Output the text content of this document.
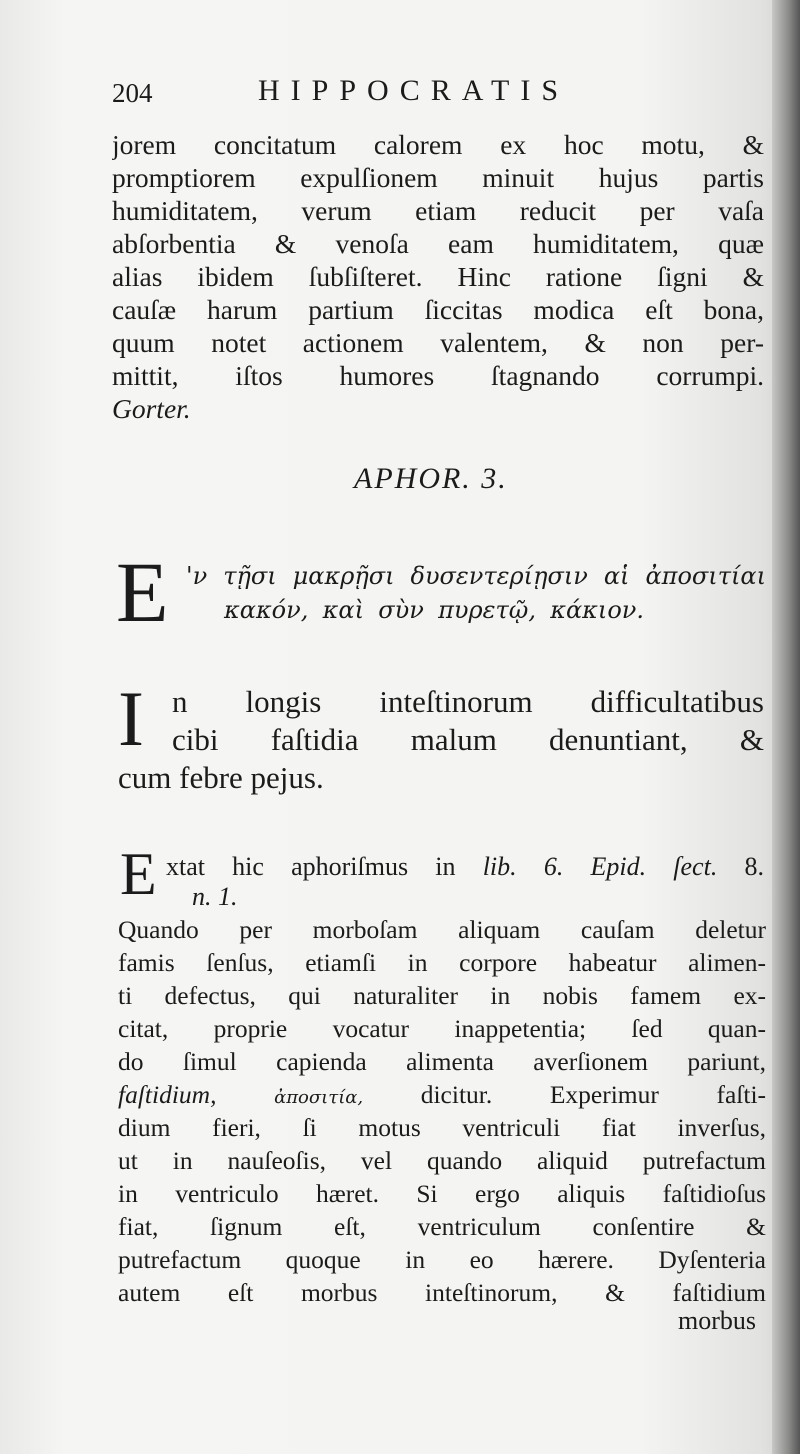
204	HIPPOCRATIS
jorem concitatum calorem ex hoc motu, &
promptiorem expulſionem minuit hujus partis
humiditatem, verum etiam reducit per vaſa
abſorbentia & venoſa eam humiditatem, quæ
alias ibidem ſubſiſteret. Hinc ratione ſigni &
cauſæ harum partium ſiccitas modica eſt bona,
quum notet actionem valentem, & non per-
mittit, iſtos humores ſtagnando corrumpi.
Gorter.
APHOR. 3.
E 'ν τῇσι μακρῇσι δυσεντερίῃσιν αἱ ἀποσιτίαι
κακόν, καὶ σὺν πυρετῷ, κάκιον.
I n longis inteſtinorum difficultatibus
cibi faſtidia malum denuntiant, &
cum febre pejus.
E xtat hic aphoriſmus in lib. 6. Epid. ſect. 8.
n. 1.
Quando per morboſam aliquam cauſam deletur
famis ſenſus, etiamſi in corpore habeatur alimen-
ti defectus, qui naturaliter in nobis famem ex-
citat, proprie vocatur inappetentia; ſed quan-
do ſimul capienda alimenta averſionem pariunt,
faſtidium,	ἀποσιτία, dicitur. Experimur faſti-
dium fieri, ſi motus ventriculi fiat inverſus,
ut in nauſeoſis, vel quando aliquid putrefactum
in ventriculo hæret. Si ergo aliquis faſtidioſus
fiat, ſignum eſt, ventriculum conſentire &
putrefactum quoque in eo hærere. Dyſenteria
autem eſt morbus inteſtinorum, & faſtidium
morbus
